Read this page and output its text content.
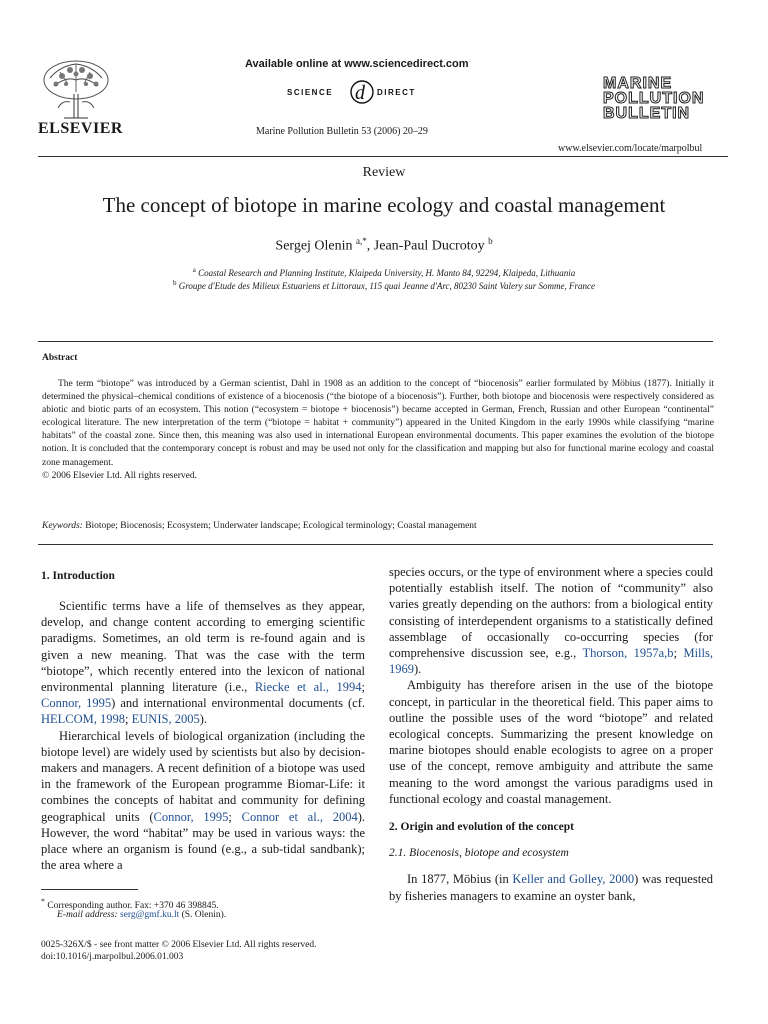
ELSEVIER
Available online at www.sciencedirect.com
SCIENCE d DIRECT
Marine Pollution Bulletin 53 (2006) 20–29
MARINE
POLLUTION
BULLETIN
www.elsevier.com/locate/marpolbul
Review
The concept of biotope in marine ecology and coastal management
Sergej Olenin $^{a,*}$, Jean-Paul Ducrotoy $^b$
$^a$ Coastal Research and Planning Institute, Klaipeda University, H. Manto 84, 92294, Klaipeda, Lithuania
$^b$ Groupe d'Etude des Milieux Estuariens et Littoraux, 115 quai Jeanne d'Arc, 80230 Saint Valery sur Somme, France
Abstract

The term “biotope” was introduced by a German scientist, Dahl in 1908 as an addition to the concept of “biocenosis” earlier formulated by Möbius (1877). Initially it determined the physical–chemical conditions of existence of a biocenosis (“the biotope of a biocenosis”). Further, both biotope and biocenosis were respectively considered as abiotic and biotic parts of an ecosystem. This notion (“ecosystem = biotope + biocenosis”) became accepted in German, French, Russian and other European “continental” ecological literature. The new interpretation of the term (“biotope = habitat + community”) appeared in the United Kingdom in the early 1990s while classifying “marine habitats” of the coastal zone. Since then, this meaning was also used in international European environmental documents. This paper examines the evolution of the biotope notion. It is concluded that the contemporary concept is robust and may be used not only for the classification and mapping but also for functional marine ecology and coastal zone management.

© 2006 Elsevier Ltd. All rights reserved.
Keywords: Biotope; Biocenosis; Ecosystem; Underwater landscape; Ecological terminology; Coastal management
1. Introduction

Scientific terms have a life of themselves as they appear, develop, and change content according to emerging scientific paradigms. Sometimes, an old term is re-found again and is given a new meaning. That was the case with the term “biotope”, which recently entered into the lexicon of national environmental planning literature (i.e., Riecke et al., 1994; Connor, 1995) and international environmental documents (cf. HELCOM, 1998; EUNIS, 2005).

Hierarchical levels of biological organization (including the biotope level) are widely used by scientists but also by decision-makers and managers. A recent definition of a biotope was used in the framework of the European programme Biomar-Life: it combines the concepts of habitat and community for defining geographical units (Connor, 1995; Connor et al., 2004). However, the word “habitat” may be used in various ways: the place where an organism is found (e.g., a sub-tidal sandbank); the area where a

species occurs, or the type of environment where a species could potentially establish itself. The notion of “community” also varies greatly depending on the authors: from a biological entity consisting of interdependent organisms to a statistically defined assemblage of occasionally co-occurring species (for comprehensive discussion see, e.g., Thorson, 1957a,b; Mills, 1969).

Ambiguity has therefore arisen in the use of the biotope concept, in particular in the theoretical field. This paper aims to outline the possible uses of the word “biotope” and related ecological concepts. Summarizing the present knowledge on marine biotopes should enable ecologists to agree on a proper use of the concept, remove ambiguity and attribute the same meaning to the word amongst the various paradigms used in functional ecology and coastal management.

2. Origin and evolution of the concept
2.1. Biocenosis, biotope and ecosystem

In 1877, Möbius (in Keller and Golley, 2000) was requested by fisheries managers to examine an oyster bank,

* Corresponding author. Fax: +370 46 398845.
E-mail address: serg@gmf.ku.lt (S. Olenin).
0025-326X/$ - see front matter © 2006 Elsevier Ltd. All rights reserved.
doi:10.1016/j.marpolbul.2006.01.003
